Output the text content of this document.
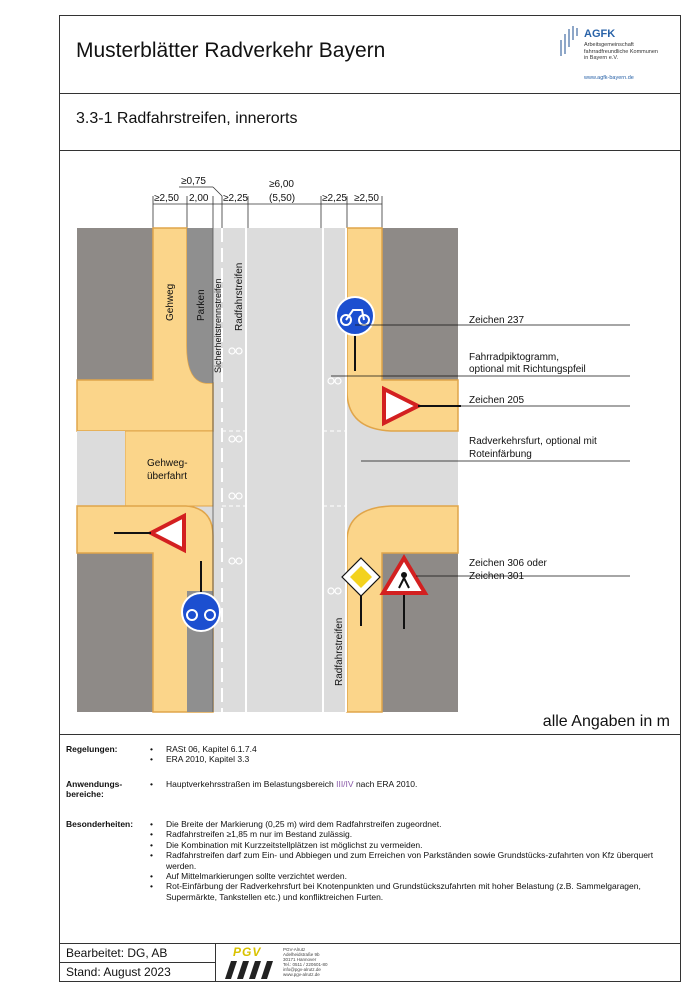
Musterblätter Radverkehr Bayern
AGFK
Arbeitsgemeinschaft
fahrradfreundliche Kommunen
in Bayern e.V.
www.agfk-bayern.de
3.3-1 Radfahrstreifen, innerorts
≥0,75
≥2,50 2,00 ≥2,25
≥6,00
(5,50)	≥2,25 ≥2,50
Gehweg Parken Sicherheitstrennstreifen Radfahrstreifen
Radfahrstreifen
Gehweg-
überfahrt
Zeichen 237
Fahrradpiktogramm,
optional mit Richtungspfeil
Zeichen 205
Radverkehrsfurt, optional mit
Roteinfärbung
Zeichen 306 oder
Zeichen 301
alle Angaben in m
Regelungen:	• RASt 06, Kapitel 6.1.7.4
• ERA 2010, Kapitel 3.3
Anwendungs-
bereiche:
• Hauptverkehrsstraßen im Belastungsbereich III/IV nach ERA 2010.
Besonderheiten:	• Die Breite der Markierung (0,25 m) wird dem Radfahrstreifen zugeordnet.
• Radfahrstreifen ≥1,85 m nur im Bestand zulässig.
• Die Kombination mit Kurzzeitstellplätzen ist möglichst zu vermeiden.
• Radfahrstreifen darf zum Ein- und Abbiegen und zum Erreichen von Parkständen sowie Grundstücks-zufahrten von Kfz überquert werden.
• Auf Mittelmarkierungen sollte verzichtet werden.
• Rot-Einfärbung der Radverkehrsfurt bei Knotenpunkten und Grundstückszufahrten mit hoher Belastung (z.B. Sammelgaragen, Supermärkte, Tankstellen etc.) und konfliktreichen Furten.
Bearbeitet: DG, AB
Stand: August 2023
PGV	PGV-Alrutz
Adelheidstraße 9b
30171 Hannover
Tel.: 0511 / 220601-80
info@pgv-alrutz.de
www.pgv-alrutz.de
